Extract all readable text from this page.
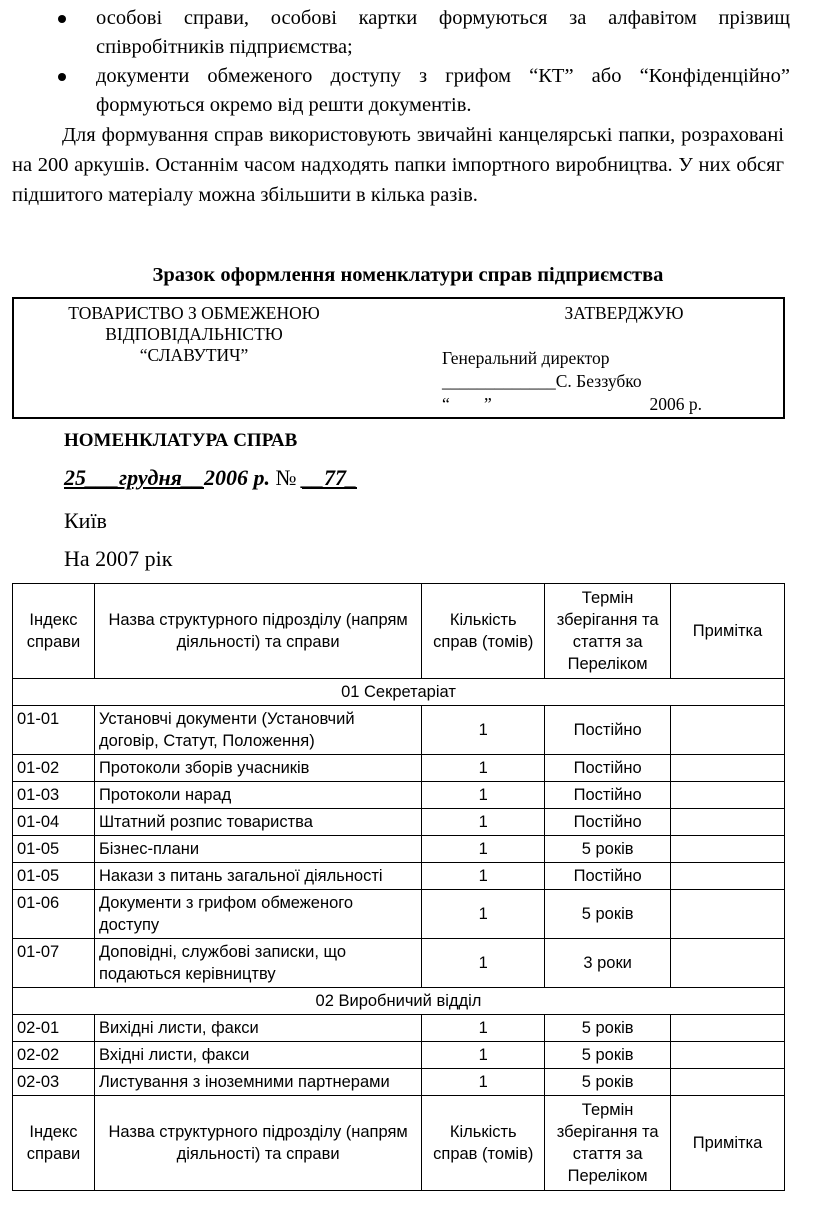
особові справи, особові картки формуються за алфавітом прізвищ співробітників підприємства;
документи обмеженого доступу з грифом “КТ” або “Конфіденційно” формуються окремо від решти документів.
Для формування справ використовують звичайні канцелярські папки, розраховані на 200 аркушів. Останнім часом надходять папки імпортного виробництва. У них обсяг підшитого матеріалу можна збільшити в кілька разів.
Зразок оформлення номенклатури справ підприємства
ТОВАРИСТВО З ОБМЕЖЕНОЮ
ВІДПОВІДАЛЬНІСТЮ
“СЛАВУТИЧ”
ЗАТВЕРДЖУЮ
Генеральний директор
_____________С. Беззубко
“ ”	2006 р.
НОМЕНКЛАТУРА СПРАВ
25___грудня__2006 р. № __77_
Київ
На 2007 рік
Індекс справи	Назва структурного підрозділу (напрям діяльності) та справи	Кількість справ (томів)	Термін зберігання та стаття за Переліком	Примітка
01 Секретаріат				
01-01	Установчі документи (Установчий договір, Статут, Положення)	1	Постійно	
01-02	Протоколи зборів учасників	1	Постійно	
01-03	Протоколи нарад	1	Постійно	
01-04	Штатний розпис товариства	1	Постійно	
01-05	Бізнес-плани	1	5 років	
01-05	Накази з питань загальної діяльності	1	Постійно	
01-06	Документи з грифом обмеженого доступу	1	5 років	
01-07	Доповідні, службові записки, що подаються керівництву	1	3 роки	
02 Виробничий відділ				
02-01	Вихідні листи, факси	1	5 років	
02-02	Вхідні листи, факси	1	5 років	
02-03	Листування з іноземними партнерами	1	5 років	
Індекс справи	Назва структурного підрозділу (напрям діяльності) та справи	Кількість справ (томів)	Термін зберігання та стаття за Переліком	Примітка
